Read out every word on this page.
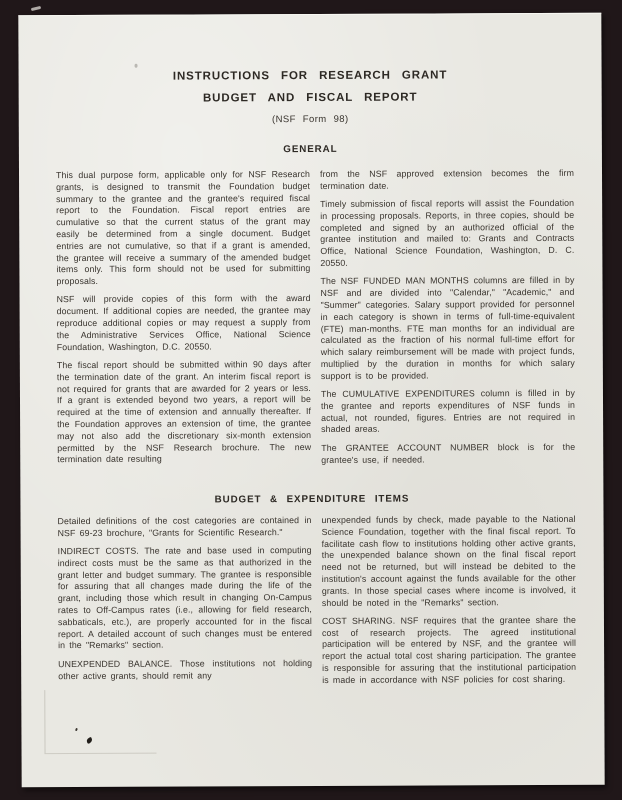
INSTRUCTIONS FOR RESEARCH GRANT
BUDGET AND FISCAL REPORT
(NSF Form 98)
GENERAL

This dual purpose form, applicable only for NSF Research grants, is designed to transmit the Foundation budget summary to the grantee and the grantee's required fiscal report to the Foundation. Fiscal report entries are cumulative so that the current status of the grant may easily be determined from a single document. Budget entries are not cumulative, so that if a grant is amended, the grantee will receive a summary of the amended budget items only. This form should not be used for submitting proposals.

NSF will provide copies of this form with the award document. If additional copies are needed, the grantee may reproduce additional copies or may request a supply from the Administrative Services Office, National Science Foundation, Washington, D.C. 20550.

The fiscal report should be submitted within 90 days after the termination date of the grant. An interim fiscal report is not required for grants that are awarded for 2 years or less. If a grant is extended beyond two years, a report will be required at the time of extension and annually thereafter. If the Foundation approves an extension of time, the grantee may not also add the discretionary six-month extension permitted by the NSF Research brochure. The new termination date resulting

from the NSF approved extension becomes the firm termination date.

Timely submission of fiscal reports will assist the Foundation in processing proposals. Reports, in three copies, should be completed and signed by an authorized official of the grantee institution and mailed to: Grants and Contracts Office, National Science Foundation, Washington, D. C. 20550.

The NSF FUNDED MAN MONTHS columns are filled in by NSF and are divided into "Calendar," "Academic," and "Summer" categories. Salary support provided for personnel in each category is shown in terms of full-time-equivalent (FTE) man-months. FTE man months for an individual are calculated as the fraction of his normal full-time effort for which salary reimbursement will be made with project funds, multiplied by the duration in months for which salary support is to be provided.

The CUMULATIVE EXPENDITURES column is filled in by the grantee and reports expenditures of NSF funds in actual, not rounded, figures. Entries are not required in shaded areas.

The GRANTEE ACCOUNT NUMBER block is for the grantee's use, if needed.

BUDGET & EXPENDITURE ITEMS

Detailed definitions of the cost categories are contained in NSF 69-23 brochure, "Grants for Scientific Research."

INDIRECT COSTS. The rate and base used in computing indirect costs must be the same as that authorized in the grant letter and budget summary. The grantee is responsible for assuring that all changes made during the life of the grant, including those which result in changing On-Campus rates to Off-Campus rates (i.e., allowing for field research, sabbaticals, etc.), are properly accounted for in the fiscal report. A detailed account of such changes must be entered in the "Remarks" section.

UNEXPENDED BALANCE. Those institutions not holding other active grants, should remit any

unexpended funds by check, made payable to the National Science Foundation, together with the final fiscal report. To facilitate cash flow to institutions holding other active grants, the unexpended balance shown on the final fiscal report need not be returned, but will instead be debited to the institution's account against the funds available for the other grants. In those special cases where income is involved, it should be noted in the "Remarks" section.

COST SHARING. NSF requires that the grantee share the cost of research projects. The agreed institutional participation will be entered by NSF, and the grantee will report the actual total cost sharing participation. The grantee is responsible for assuring that the institutional participation is made in accordance with NSF policies for cost sharing.
